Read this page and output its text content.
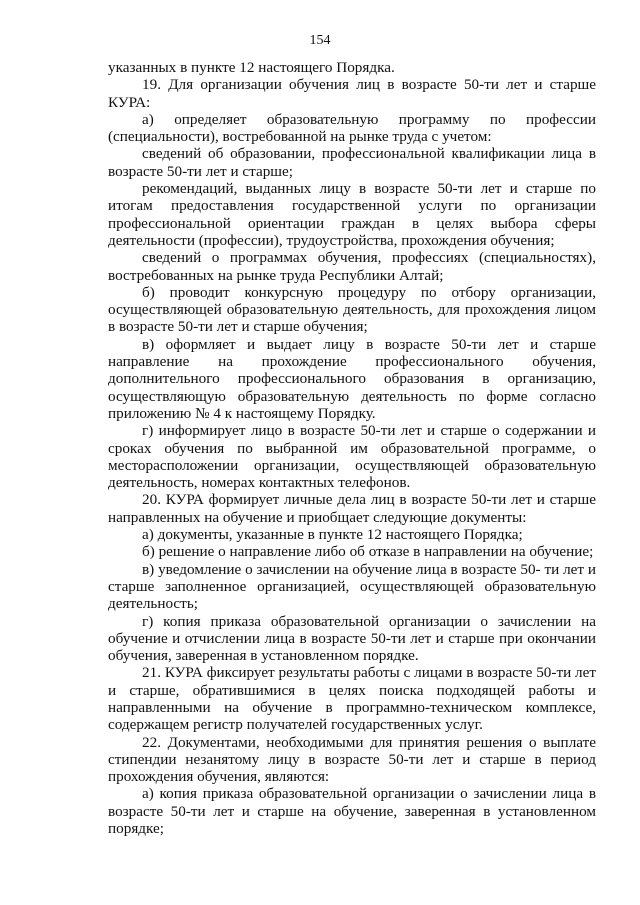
154

указанных в пункте 12 настоящего Порядка.

19. Для организации обучения лиц в возрасте 50-ти лет и старше КУРА:

а) определяет образовательную программу по профессии (специальности), востребованной на рынке труда с учетом:

сведений об образовании, профессиональной квалификации лица в возрасте 50-ти лет и старше;

рекомендаций, выданных лицу в возрасте 50-ти лет и старше по итогам предоставления государственной услуги по организации профессиональной ориентации граждан в целях выбора сферы деятельности (профессии), трудоустройства, прохождения обучения;

сведений о программах обучения, профессиях (специальностях), востребованных на рынке труда Республики Алтай;

б) проводит конкурсную процедуру по отбору организации, осуществляющей образовательную деятельность, для прохождения лицом в возрасте 50-ти лет и старше обучения;

в) оформляет и выдает лицу в возрасте 50-ти лет и старше направление на прохождение профессионального обучения, дополнительного профессионального образования в организацию, осуществляющую образовательную деятельность по форме согласно приложению № 4 к настоящему Порядку.

г) информирует лицо в возрасте 50-ти лет и старше о содержании и сроках обучения по выбранной им образовательной программе, о месторасположении организации, осуществляющей образовательную деятельность, номерах контактных телефонов.

20. КУРА формирует личные дела лиц в возрасте 50-ти лет и старше направленных на обучение и приобщает следующие документы:

а) документы, указанные в пункте 12 настоящего Порядка;

б) решение о направление либо об отказе в направлении на обучение;

в) уведомление о зачислении на обучение лица в возрасте 50- ти лет и старше заполненное организацией, осуществляющей образовательную деятельность;

г) копия приказа образовательной организации о зачислении на обучение и отчислении лица в возрасте 50-ти лет и старше при окончании обучения, заверенная в установленном порядке.

21. КУРА фиксирует результаты работы с лицами в возрасте 50-ти лет и старше, обратившимися в целях поиска подходящей работы и направленными на обучение в программно-техническом комплексе, содержащем регистр получателей государственных услуг.

22. Документами, необходимыми для принятия решения о выплате стипендии незанятому лицу в возрасте 50-ти лет и старше в период прохождения обучения, являются:

а) копия приказа образовательной организации о зачислении лица в возрасте 50-ти лет и старше на обучение, заверенная в установленном порядке;
